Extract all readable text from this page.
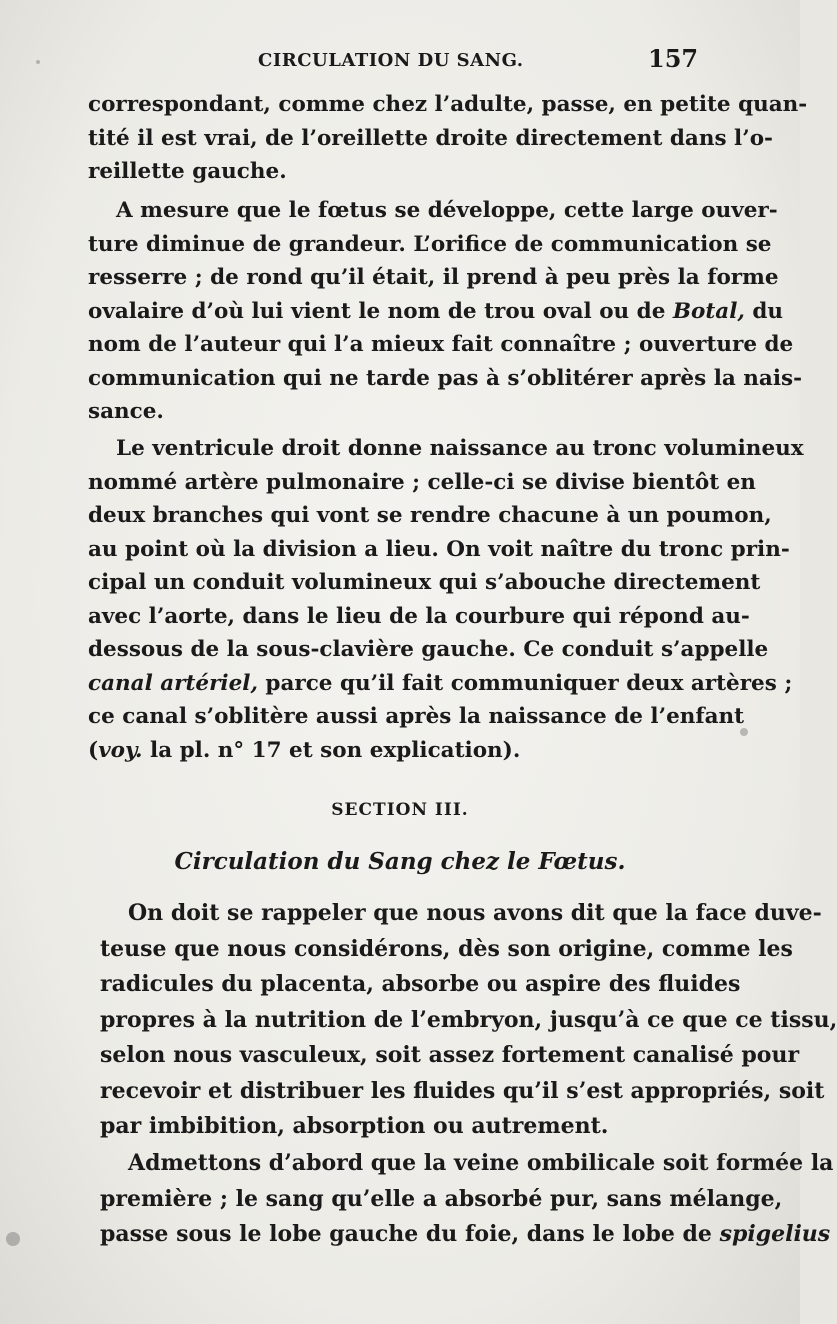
CIRCULATION DU SANG.	157
correspondant, comme chez l’adulte, passe, en petite quan-
tité il est vrai, de l’oreillette droite directement dans l’o-
reillette gauche.
A mesure que le fœtus se développe, cette large ouver-
ture diminue de grandeur. L’orifice de communication se
resserre ; de rond qu’il était, il prend à peu près la forme
ovalaire d’où lui vient le nom de trou oval ou de Botal, du
nom de l’auteur qui l’a mieux fait connaître ; ouverture de
communication qui ne tarde pas à s’oblitérer après la nais-
sance.
Le ventricule droit donne naissance au tronc volumineux
nommé artère pulmonaire ; celle-ci se divise bientôt en
deux branches qui vont se rendre chacune à un poumon,
au point où la division a lieu. On voit naître du tronc prin-
cipal un conduit volumineux qui s’abouche directement
avec l’aorte, dans le lieu de la courbure qui répond au-
dessous de la sous-clavière gauche. Ce conduit s’appelle
canal artériel, parce qu’il fait communiquer deux artères ;
ce canal s’oblitère aussi après la naissance de l’enfant
(voy. la pl. n° 17 et son explication).
SECTION III.
Circulation du Sang chez le Fœtus.
On doit se rappeler que nous avons dit que la face duve-
teuse que nous considérons, dès son origine, comme les
radicules du placenta, absorbe ou aspire des fluides
propres à la nutrition de l’embryon, jusqu’à ce que ce tissu,
selon nous vasculeux, soit assez fortement canalisé pour
recevoir et distribuer les fluides qu’il s’est appropriés, soit
par imbibition, absorption ou autrement.
Admettons d’abord que la veine ombilicale soit formée la
première ; le sang qu’elle a absorbé pur, sans mélange,
passe sous le lobe gauche du foie, dans le lobe de spigelius
